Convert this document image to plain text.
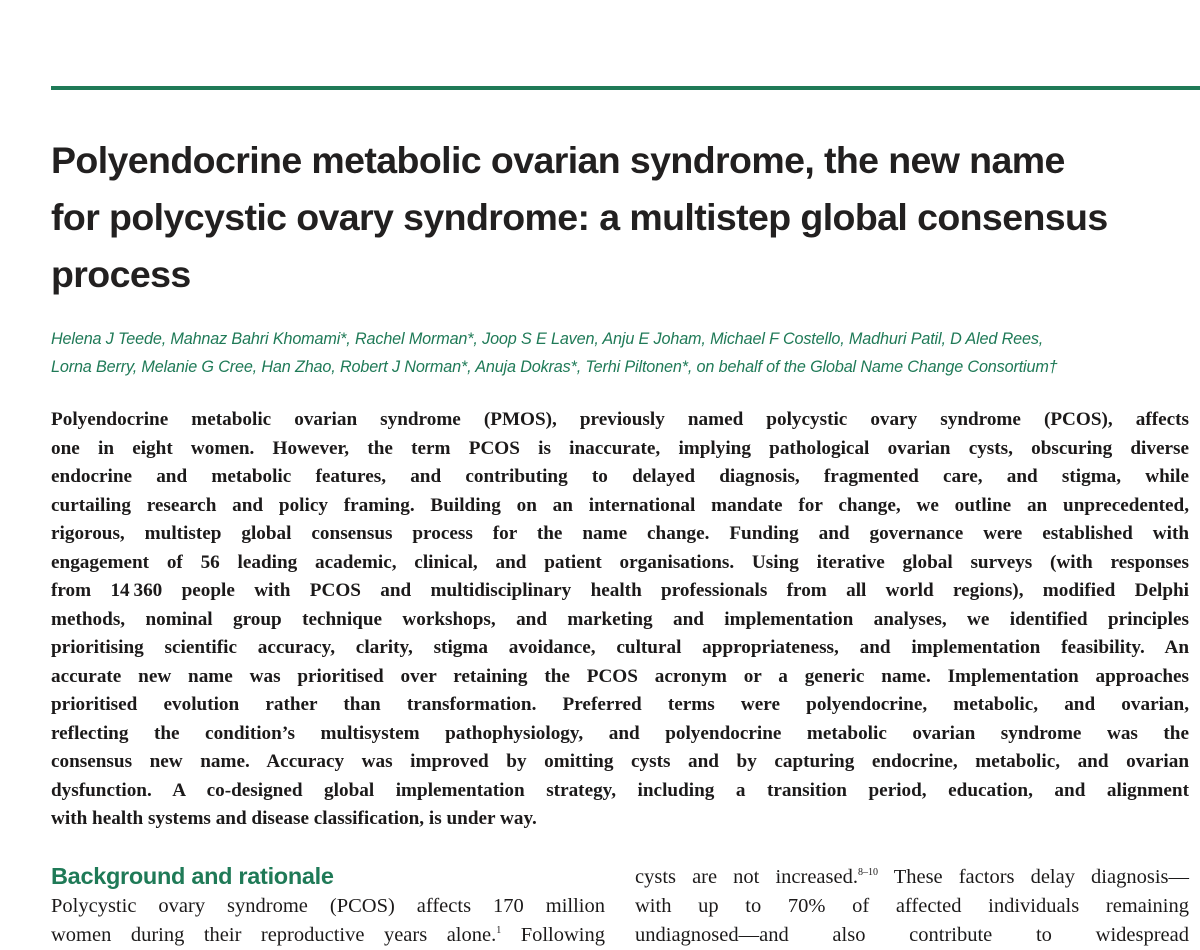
Polyendocrine metabolic ovarian syndrome, the new name
for polycystic ovary syndrome: a multistep global consensus
process
Helena J Teede, Mahnaz Bahri Khomami*, Rachel Morman*, Joop S E Laven, Anju E Joham, Michael F Costello, Madhuri Patil, D Aled Rees,
Lorna Berry, Melanie G Cree, Han Zhao, Robert J Norman*, Anuja Dokras*, Terhi Piltonen*, on behalf of the Global Name Change Consortium†
Polyendocrine metabolic ovarian syndrome (PMOS), previously named polycystic ovary syndrome (PCOS), affects
one in eight women. However, the term PCOS is inaccurate, implying pathological ovarian cysts, obscuring diverse
endocrine and metabolic features, and contributing to delayed diagnosis, fragmented care, and stigma, while
curtailing research and policy framing. Building on an international mandate for change, we outline an unprecedented,
rigorous, multistep global consensus process for the name change. Funding and governance were established with
engagement of 56 leading academic, clinical, and patient organisations. Using iterative global surveys (with responses
from 14 360 people with PCOS and multidisciplinary health professionals from all world regions), modified Delphi
methods, nominal group technique workshops, and marketing and implementation analyses, we identified principles
prioritising scientific accuracy, clarity, stigma avoidance, cultural appropriateness, and implementation feasibility. An
accurate new name was prioritised over retaining the PCOS acronym or a generic name. Implementation approaches
prioritised evolution rather than transformation. Preferred terms were polyendocrine, metabolic, and ovarian,
reflecting the condition’s multisystem pathophysiology, and polyendocrine metabolic ovarian syndrome was the
consensus new name. Accuracy was improved by omitting cysts and by capturing endocrine, metabolic, and ovarian
dysfunction. A co-designed global implementation strategy, including a transition period, education, and alignment
with health systems and disease classification, is under way.
Background and rationale
Polycystic ovary syndrome (PCOS) affects 170 million
women during their reproductive years alone.$^1$ Following
cysts are not increased.$^{8-10}$ These factors delay diagnosis—
with up to 70% of affected individuals remaining
undiagnosed—and also contribute to widespread
